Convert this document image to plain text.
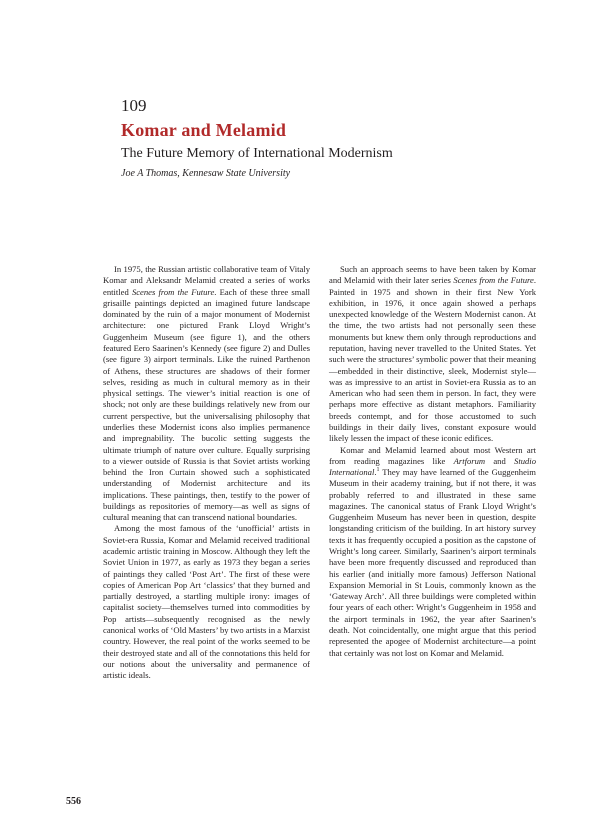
109
Komar and Melamid
The Future Memory of International Modernism
Joe A Thomas, Kennesaw State University

In 1975, the Russian artistic collaborative team of Vitaly Komar and Aleksandr Melamid created a series of works entitled Scenes from the Future. Each of these three small grisaille paintings depicted an imagined future landscape dominated by the ruin of a major monument of Modernist architecture: one pictured Frank Lloyd Wright’s Guggenheim Museum (see figure 1), and the others featured Eero Saarinen’s Kennedy (see figure 2) and Dulles (see figure 3) airport terminals. Like the ruined Parthenon of Athens, these structures are shadows of their former selves, residing as much in cultural memory as in their physical settings. The viewer’s initial reaction is one of shock; not only are these buildings relatively new from our current perspective, but the universalising philosophy that underlies these Modernist icons also implies permanence and impregnability. The bucolic setting suggests the ultimate triumph of nature over culture. Equally surprising to a viewer outside of Russia is that Soviet artists working behind the Iron Curtain showed such a sophisticated understanding of Modernist architecture and its implications. These paintings, then, testify to the power of buildings as repositories of memory—as well as signs of cultural meaning that can transcend national boundaries.

Among the most famous of the ‘unofficial’ artists in Soviet-era Russia, Komar and Melamid received traditional academic artistic training in Moscow. Although they left the Soviet Union in 1977, as early as 1973 they began a series of paintings they called ‘Post Art’. The first of these were copies of American Pop Art ‘classics’ that they burned and partially destroyed, a startling multiple irony: images of capitalist society—themselves turned into commodities by Pop artists—subsequently recognised as the newly canonical works of ‘Old Masters’ by two artists in a Marxist country. However, the real point of the works seemed to be their destroyed state and all of the connotations this held for our notions about the universality and permanence of artistic ideals.

Such an approach seems to have been taken by Komar and Melamid with their later series Scenes from the Future. Painted in 1975 and shown in their first New York exhibition, in 1976, it once again showed a perhaps unexpected knowledge of the Western Modernist canon. At the time, the two artists had not personally seen these monuments but knew them only through reproductions and reputation, having never travelled to the United States. Yet such were the structures’ symbolic power that their meaning—embedded in their distinctive, sleek, Modernist style—was as impressive to an artist in Soviet-era Russia as to an American who had seen them in person. In fact, they were perhaps more effective as distant metaphors. Familiarity breeds contempt, and for those accustomed to such buildings in their daily lives, constant exposure would likely lessen the impact of these iconic edifices.

Komar and Melamid learned about most Western art from reading magazines like Artforum and Studio International.$^1$ They may have learned of the Guggenheim Museum in their academy training, but if not there, it was probably referred to and illustrated in these same magazines. The canonical status of Frank Lloyd Wright’s Guggenheim Museum has never been in question, despite longstanding criticism of the building. In art history survey texts it has frequently occupied a position as the capstone of Wright’s long career. Similarly, Saarinen’s airport terminals have been more frequently discussed and reproduced than his earlier (and initially more famous) Jefferson National Expansion Memorial in St Louis, commonly known as the ‘Gateway Arch’. All three buildings were completed within four years of each other: Wright’s Guggenheim in 1958 and the airport terminals in 1962, the year after Saarinen’s death. Not coincidentally, one might argue that this period represented the apogee of Modernist architecture—a point that certainly was not lost on Komar and Melamid.

556
